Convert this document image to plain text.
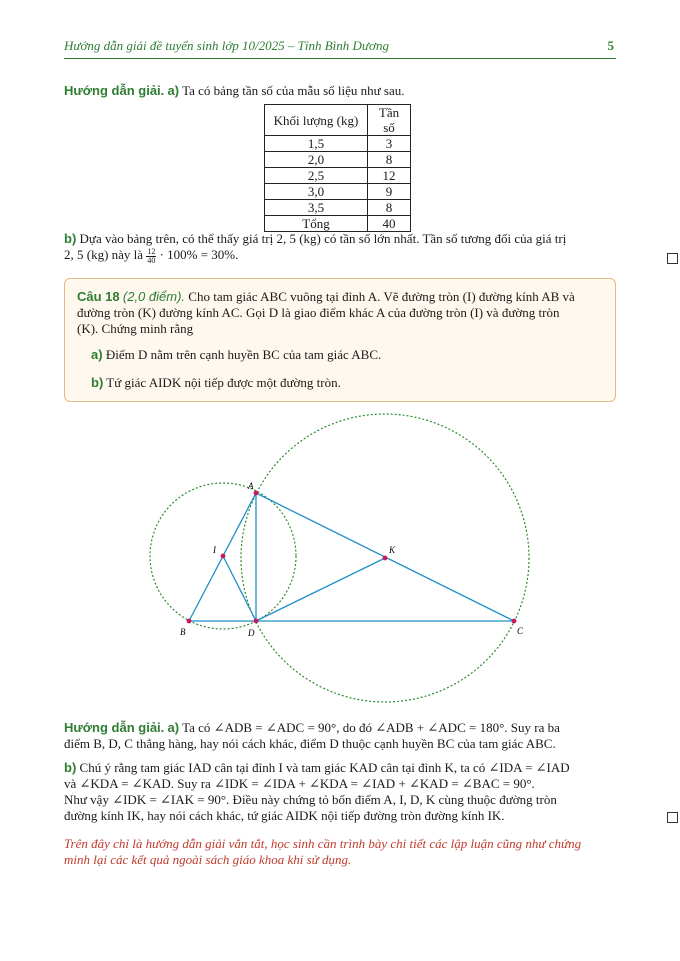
Hướng dẫn giải đề tuyển sinh lớp 10/2025 – Tỉnh Bình Dương	5
Hướng dẫn giải. a) Ta có bảng tần số của mẫu số liệu như sau.
Khối lượng (kg)	Tần số
1,5	3
2,0	8
2,5	12
3,0	9
3,5	8
Tổng	40
b) Dựa vào bảng trên, có thể thấy giá trị 2, 5 (kg) có tần số lớn nhất. Tần số tương đối của giá trị
2, 5 (kg) này là $\frac{12}{40} \cdot 100\% = 30\%$.
Câu 18 (2,0 điểm). Cho tam giác ABC vuông tại đỉnh A. Vẽ đường tròn (I) đường kính AB và
đường tròn (K) đường kính AC. Gọi D là giao điểm khác A của đường tròn (I) và đường tròn
(K). Chứng minh rằng
a) Điểm D nằm trên cạnh huyền BC của tam giác ABC.
b) Tứ giác AIDK nội tiếp được một đường tròn.
A
B	C
D
I	K
Hướng dẫn giải. a) Ta có ∠ADB = ∠ADC = 90°, do đó ∠ADB + ∠ADC = 180°. Suy ra ba
điểm B, D, C thẳng hàng, hay nói cách khác, điểm D thuộc cạnh huyền BC của tam giác ABC.
b) Chú ý rằng tam giác IAD cân tại đỉnh I và tam giác KAD cân tại đỉnh K, ta có ∠IDA = ∠IAD
và ∠KDA = ∠KAD. Suy ra ∠IDK = ∠IDA + ∠KDA = ∠IAD + ∠KAD = ∠BAC = 90°.
Như vậy ∠IDK = ∠IAK = 90°. Điều này chứng tỏ bốn điểm A, I, D, K cùng thuộc đường tròn
đường kính IK, hay nói cách khác, tứ giác AIDK nội tiếp đường tròn đường kính IK.
Trên đây chỉ là hướng dẫn giải vắn tắt, học sinh cần trình bày chi tiết các lập luận cũng như chứng
minh lại các kết quả ngoài sách giáo khoa khi sử dụng.
